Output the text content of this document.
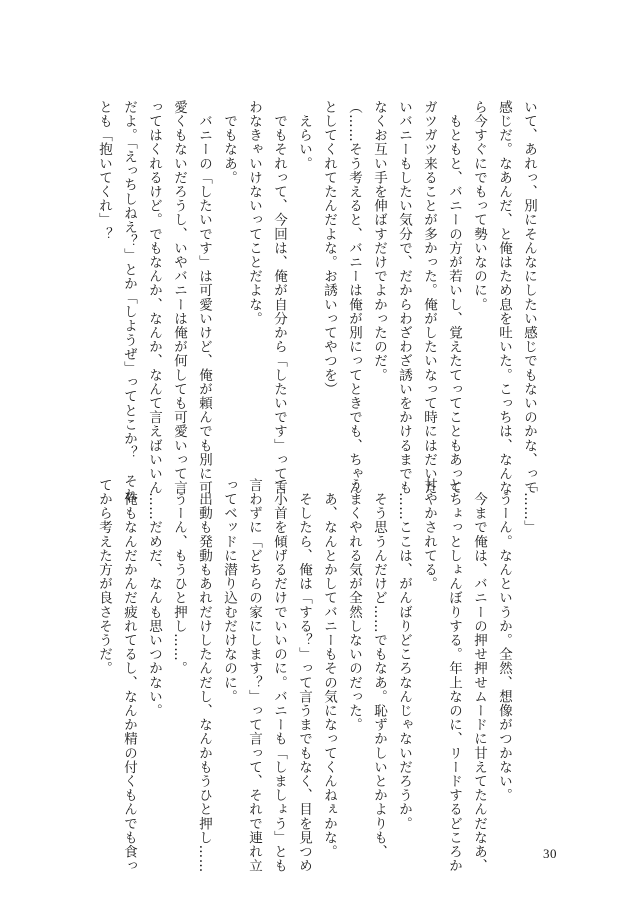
いて、あれっ、別にそんなにしたい感じでもないのかな、って
感じだ。なあんだ、と俺はため息を吐いた。こっちは、なんな
ら今すぐにでもって勢いなのに。
　もともと、バニーの方が若いし、覚えたてってこともあって
ガツガツ来ることが多かった。俺がしたいなって時にはだいた
いバニーもしたい気分で、だからわざわざ誘いをかけるまでも
なくお互い手を伸ばすだけでよかったのだ。
（……そう考えると、バニーは俺が別にってときでも、ちゃん
としてくれてたんだよな。お誘いってやつを）
　えらい。
　でもそれって、今回は、俺が自分から「したいです」って言
わなきゃいけないってことだよな。
　でもなあ。
　バニーの「したいです」は可愛いけど、俺が頼んでも別に可
愛くもないだろうし、いやバニーは俺が何しても可愛いって言
ってはくれるけど。でもなんか、なんか、なんて言えばいいん
だよ。「えっちしねえ？」とか「しようぜ」ってとこか？　それ
とも「抱いてくれ」？
「……」
　うーん。なんというか。全然、想像がつかない。
　今まで俺は、バニーの押せ押せムードに甘えてたんだなあ、
とちょっとしょんぼりする。年上なのに、リードするどころか
甘やかされてる。
　……ここは、がんばりどころなんじゃないだろうか。
　そう思うんだけど……でもなあ。恥ずかしいとかよりも、
うまくやれる気が全然しないのだった。
　あ、なんとかしてバニーもその気になってくんねぇかな。
　そしたら、俺は「する？」って言うまでもなく、目を見つめ
て小首を傾げるだけでいいのに。バニーも「しましょう」とも
言わずに「どちらの家にします？」って言って、それで連れ立
ってベッドに潜り込むだけなのに。
　出動も発動もあれだけしたんだし、なんかもうひと押し……
　うーん、もうひと押し……。
　……だめだ、なんも思いつかない。
　俺もなんだかんだ疲れてるし、なんか精の付くもんでも食っ
てから考えた方が良さそうだ。
30
